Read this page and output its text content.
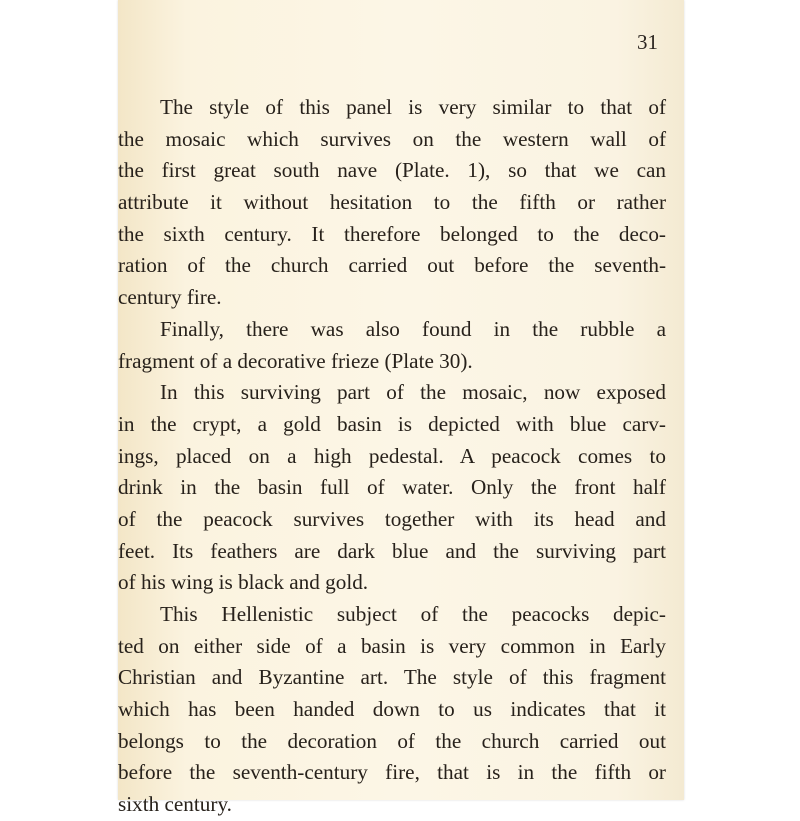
31
The style of this panel is very similar to that of
the mosaic which survives on the western wall of
the first great south nave (Plate. 1), so that we can
attribute it without hesitation to the fifth or rather
the sixth century. It therefore belonged to the deco-
ration of the church carried out before the seventh-
century fire.
Finally, there was also found in the rubble a
fragment of a decorative frieze (Plate 30).
In this surviving part of the mosaic, now exposed
in the crypt, a gold basin is depicted with blue carv-
ings, placed on a high pedestal. A peacock comes to
drink in the basin full of water. Only the front half
of the peacock survives together with its head and
feet. Its feathers are dark blue and the surviving part
of his wing is black and gold.
This Hellenistic subject of the peacocks depic-
ted on either side of a basin is very common in Early
Christian and Byzantine art. The style of this fragment
which has been handed down to us indicates that it
belongs to the decoration of the church carried out
before the seventh-century fire, that is in the fifth or
sixth century.
